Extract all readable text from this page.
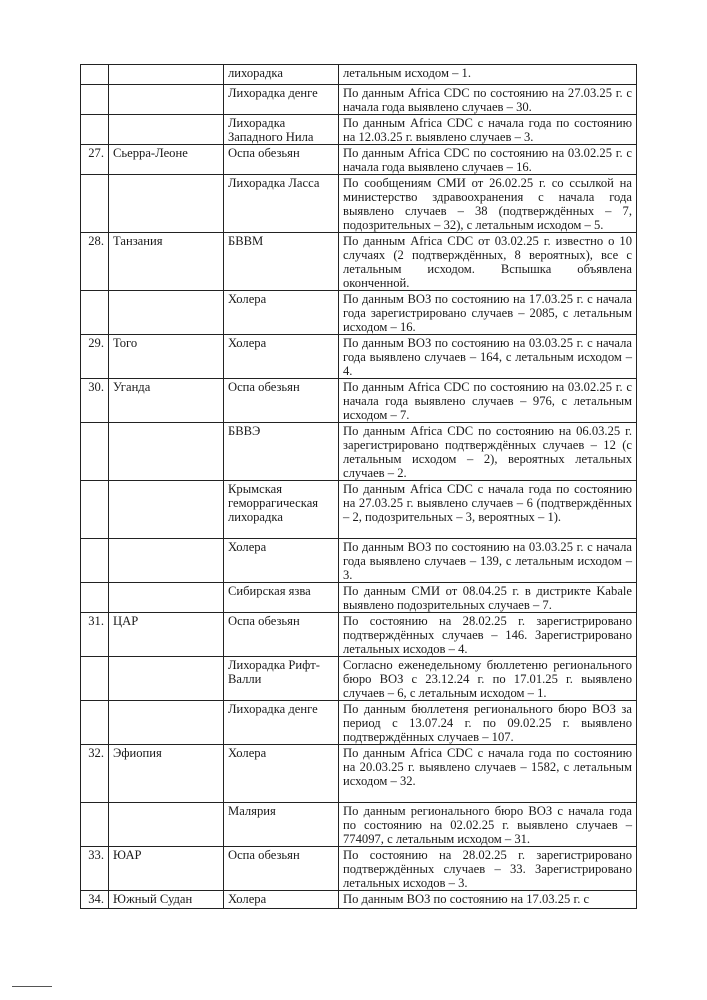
		лихорадка	летальным исходом – 1.
		Лихорадка денге	По данным Africa CDC по состоянию на 27.03.25 г. с начала года выявлено случаев – 30.
		Лихорадка Западного Нила	По данным Africa CDC с начала года по состоянию на 12.03.25 г. выявлено случаев – 3.
27.	Сьерра-Леоне	Оспа обезьян	По данным Africa CDC по состоянию на 03.02.25 г. с начала года выявлено случаев – 16.
		Лихорадка Ласса	По сообщениям СМИ от 26.02.25 г. со ссылкой на министерство здравоохранения с начала года выявлено случаев – 38 (подтверждённых – 7, подозрительных – 32), с летальным исходом – 5.
28.	Танзания	БВВМ	По данным Africa CDC от 03.02.25 г. известно о 10 случаях (2 подтверждённых, 8 вероятных), все с летальным исходом. Вспышка объявлена оконченной.
		Холера	По данным ВОЗ по состоянию на 17.03.25 г. с начала года зарегистрировано случаев – 2085, с летальным исходом – 16.
29.	Того	Холера	По данным ВОЗ по состоянию на 03.03.25 г. с начала года выявлено случаев – 164, с летальным исходом – 4.
30.	Уганда	Оспа обезьян	По данным Africa CDC по состоянию на 03.02.25 г. с начала года выявлено случаев – 976, с летальным исходом – 7.
		БВВЭ	По данным Africa CDC по состоянию на 06.03.25 г. зарегистрировано подтверждённых случаев – 12 (с летальным исходом – 2), вероятных летальных случаев – 2.
		Крымская геморрагическая лихорадка	По данным Africa CDC с начала года по состоянию на 27.03.25 г. выявлено случаев – 6 (подтверждённых – 2, подозрительных – 3, вероятных – 1).
		Холера	По данным ВОЗ по состоянию на 03.03.25 г. с начала года выявлено случаев – 139, с летальным исходом – 3.
		Сибирская язва	По данным СМИ от 08.04.25 г. в дистрикте Kabale выявлено подозрительных случаев – 7.
31.	ЦАР	Оспа обезьян	По состоянию на 28.02.25 г. зарегистрировано подтверждённых случаев – 146. Зарегистрировано летальных исходов – 4.
		Лихорадка Рифт-Валли	Согласно еженедельному бюллетеню регионального бюро ВОЗ с 23.12.24 г. по 17.01.25 г. выявлено случаев – 6, с летальным исходом – 1.
		Лихорадка денге	По данным бюллетеня регионального бюро ВОЗ за период с 13.07.24 г. по 09.02.25 г. выявлено подтверждённых случаев – 107.
32.	Эфиопия	Холера	По данным Africa CDC с начала года по состоянию на 20.03.25 г. выявлено случаев – 1582, с летальным исходом – 32.
		Малярия	По данным регионального бюро ВОЗ с начала года по состоянию на 02.02.25 г. выявлено случаев – 774097, с летальным исходом – 31.
33.	ЮАР	Оспа обезьян	По состоянию на 28.02.25 г. зарегистрировано подтверждённых случаев – 33. Зарегистрировано летальных исходов – 3.
34.	Южный Судан	Холера	По данным ВОЗ по состоянию на 17.03.25 г. с
